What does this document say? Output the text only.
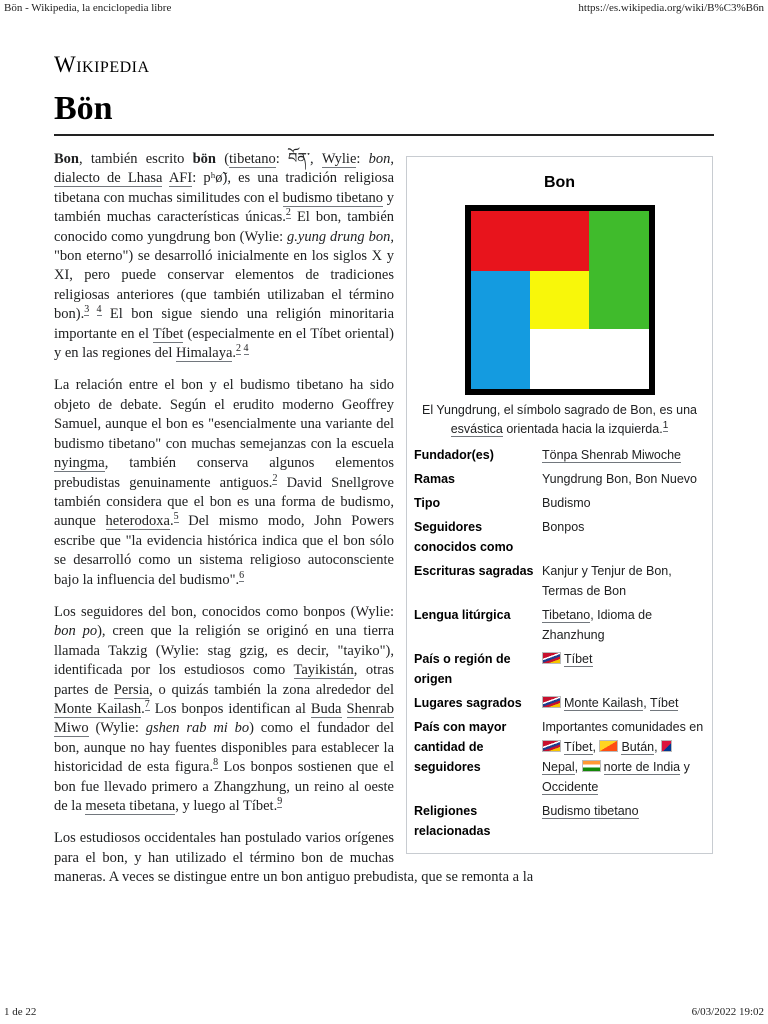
Bön - Wikipedia, la enciclopedia libre	https://es.wikipedia.org/wiki/B%C3%B6n
Wikipedia
Bön
Bon
El Yungdrung, el símbolo sagrado de Bon, es una esvástica orientada hacia la izquierda.$^1$
Fundador(es)	Tönpa Shenrab Miwoche
Ramas	Yungdrung Bon, Bon Nuevo
Tipo	Budismo
Seguidores conocidos como	Bonpos
Escrituras sagradas	Kanjur y Tenjur de Bon, Termas de Bon
Lengua litúrgica	Tibetano, Idioma de Zhanzhung
País o región de origen	Tíbet
Lugares sagrados	Monte Kailash, Tíbet
País con mayor cantidad de seguidores	Importantes comunidades en Tíbet, Bután, Nepal, norte de India y Occidente
Religiones relacionadas	Budismo tibetano

Bon, también escrito bön (tibetano: བོན་, Wylie: bon, dialecto de Lhasa AFI: pʰø̃), es una tradición religiosa tibetana con muchas similitudes con el budismo tibetano y también muchas características únicas.$^2$ El bon, también conocido como yungdrung bon (Wylie: g.yung drung bon, "bon eterno") se desarrolló inicialmente en los siglos X y XI, pero puede conservar elementos de tradiciones religiosas anteriores (que también utilizaban el término bon).$^{3 4}$ El bon sigue siendo una religión minoritaria importante en el Tíbet (especialmente en el Tíbet oriental) y en las regiones del Himalaya.$^{2 4}$

La relación entre el bon y el budismo tibetano ha sido objeto de debate. Según el erudito moderno Geoffrey Samuel, aunque el bon es "esencialmente una variante del budismo tibetano" con muchas semejanzas con la escuela nyingma, también conserva algunos elementos prebudistas genuinamente antiguos.$^2$ David Snellgrove también considera que el bon es una forma de budismo, aunque heterodoxa.$^5$ Del mismo modo, John Powers escribe que "la evidencia histórica indica que el bon sólo se desarrolló como un sistema religioso autoconsciente bajo la influencia del budismo".$^6$

Los seguidores del bon, conocidos como bonpos (Wylie: bon po), creen que la religión se originó en una tierra llamada Takzig (Wylie: stag gzig, es decir, "tayiko"), identificada por los estudiosos como Tayikistán, otras partes de Persia, o quizás también la zona alrededor del Monte Kailash.$^7$ Los bonpos identifican al Buda Shenrab Miwo (Wylie: gshen rab mi bo) como el fundador del bon, aunque no hay fuentes disponibles para establecer la historicidad de esta figura.$^8$ Los bonpos sostienen que el bon fue llevado primero a Zhangzhung, un reino al oeste de la meseta tibetana, y luego al Tíbet.$^9$

Los estudiosos occidentales han postulado varios orígenes para el bon, y han utilizado el término bon de muchas maneras. A veces se distingue entre un bon antiguo prebudista, que se remonta a la

1 de 22	6/03/2022 19:02
